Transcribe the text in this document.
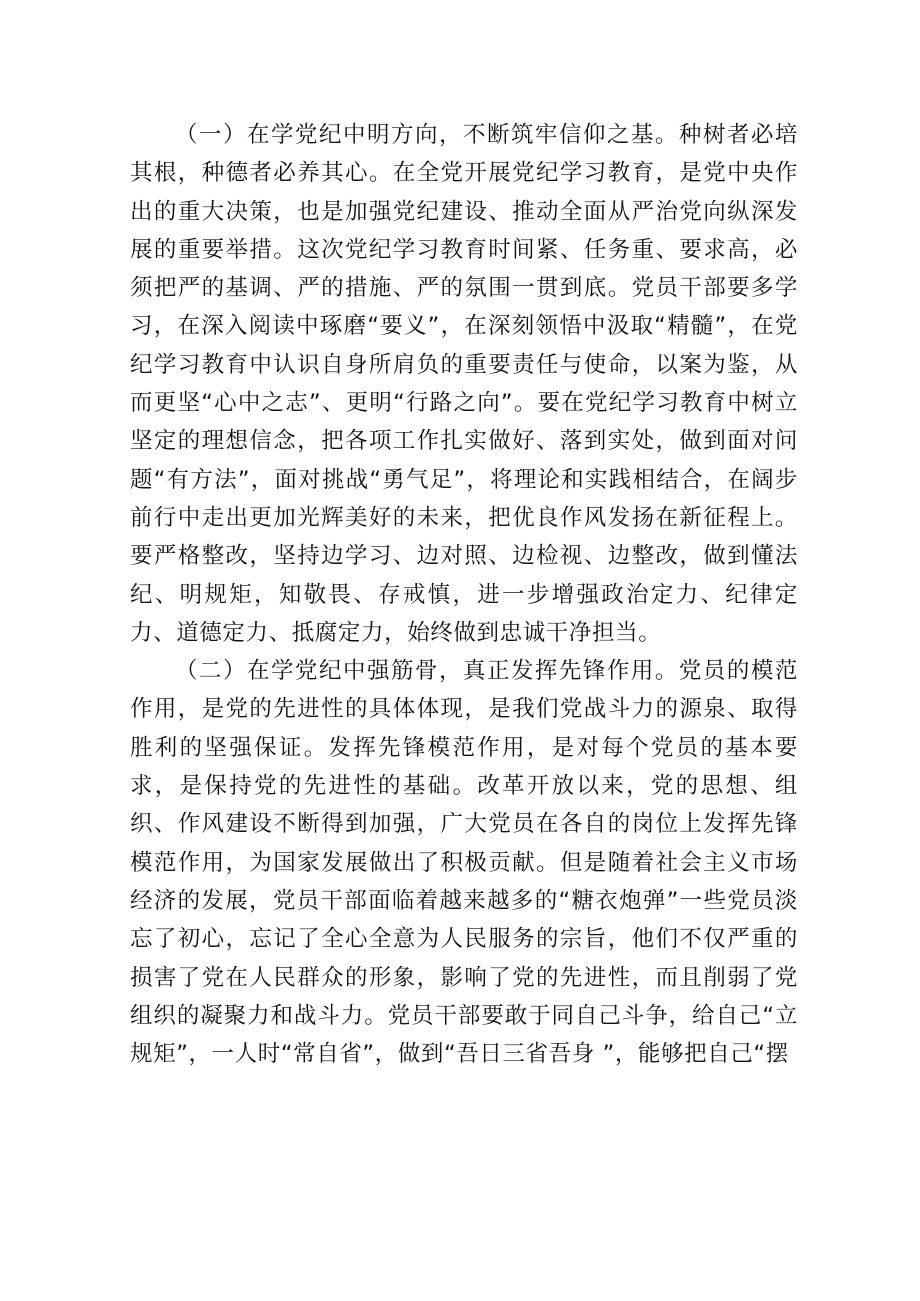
（一）在学党纪中明方向，不断筑牢信仰之基。种树者必培其根，种德者必养其心。在全党开展党纪学习教育，是党中央作出的重大决策，也是加强党纪建设、推动全面从严治党向纵深发展的重要举措。这次党纪学习教育时间紧、任务重、要求高，必须把严的基调、严的措施、严的氛围一贯到底。党员干部要多学习，在深入阅读中琢磨“要义”，在深刻领悟中汲取“精髓”，在党纪学习教育中认识自身所肩负的重要责任与使命，以案为鉴，从而更坚“心中之志”、更明“行路之向”。要在党纪学习教育中树立坚定的理想信念，把各项工作扎实做好、落到实处，做到面对问题“有方法”，面对挑战“勇气足”，将理论和实践相结合，在阔步前行中走出更加光辉美好的未来，把优良作风发扬在新征程上。要严格整改，坚持边学习、边对照、边检视、边整改，做到懂法纪、明规矩，知敬畏、存戒慎，进一步增强政治定力、纪律定力、道德定力、抵腐定力，始终做到忠诚干净担当。

（二）在学党纪中强筋骨，真正发挥先锋作用。党员的模范作用，是党的先进性的具体体现，是我们党战斗力的源泉、取得胜利的坚强保证。发挥先锋模范作用，是对每个党员的基本要求，是保持党的先进性的基础。改革开放以来，党的思想、组织、作风建设不断得到加强，广大党员在各自的岗位上发挥先锋模范作用，为国家发展做出了积极贡献。但是随着社会主义市场经济的发展，党员干部面临着越来越多的“糖衣炮弹”一些党员淡忘了初心，忘记了全心全意为人民服务的宗旨，他们不仅严重的损害了党在人民群众的形象，影响了党的先进性，而且削弱了党组织的凝聚力和战斗力。党员干部要敢于同自己斗争，给自己“立规矩”，一人时“常自省”，做到“吾日三省吾身 ”，能够把自己“摆
